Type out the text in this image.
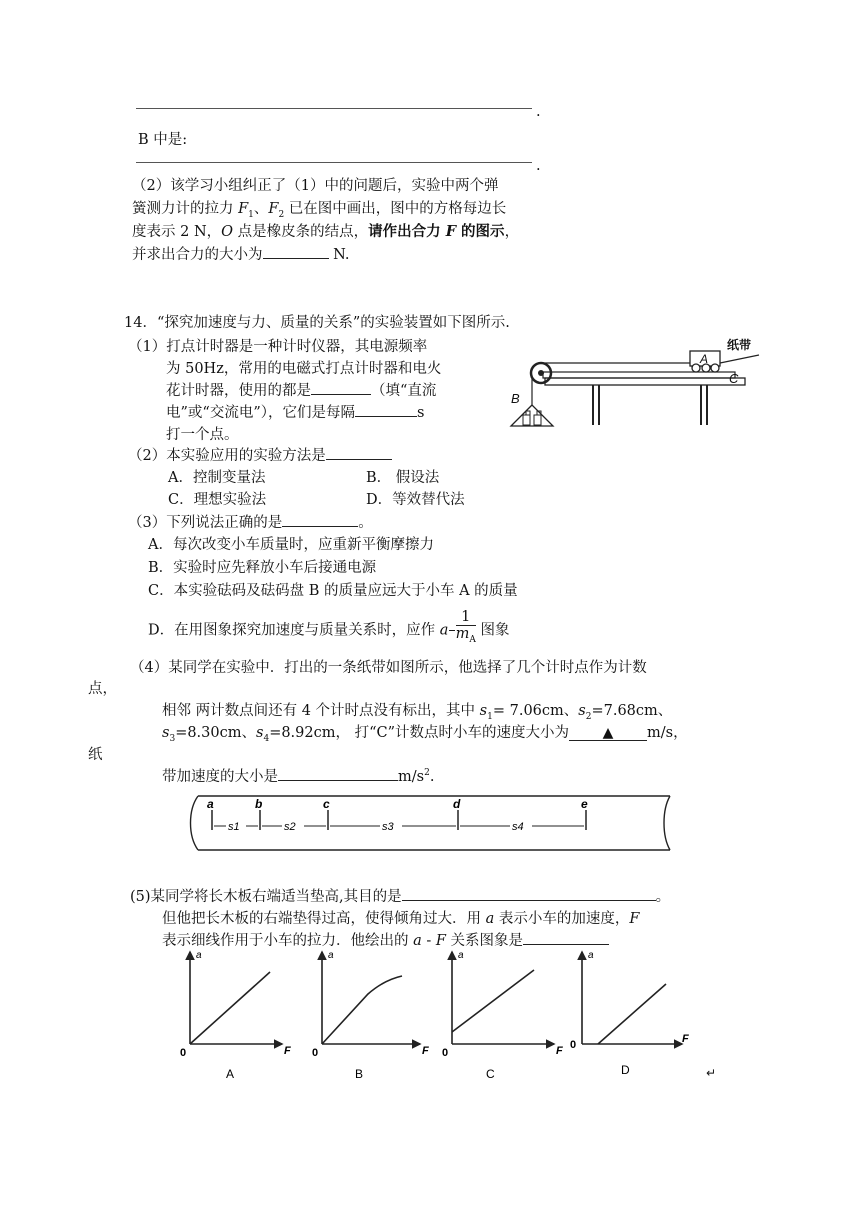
.
B 中是:
.
（2）该学习小组纠正了（1）中的问题后，实验中两个弹
簧测力计的拉力 $F_1$、$F_2$ 已在图中画出，图中的方格每边长
度表示 2 N，O 点是橡皮条的结点，请作出合力 F 的图示，
并求出合力的大小为	N.
14．“探究加速度与力、质量的关系”的实验装置如下图所示.
（1）打点计时器是一种计时仪器，其电源频率
为 50Hz，常用的电磁式打点计时器和电火
花计时器，使用的都是	（填“直流
电”或“交流电”），它们是每隔	s
打一个点。
B
A
纸带
C
（2）本实验应用的实验方法是
A．控制变量法	B． 假设法
C．理想实验法	D．等效替代法
（3）下列说法正确的是	。
A．每次改变小车质量时，应重新平衡摩擦力
B．实验时应先释放小车后接通电源
C．本实验砝码及砝码盘 B 的质量应远大于小车 A 的质量
D．在用图象探究加速度与质量关系时，应作 $a- \frac{1}{m_A}$ 图象
（4）某同学在实验中．打出的一条纸带如图所示，他选择了几个计时点作为计数
点，
相邻 两计数点间还有 4 个计时点没有标出，其中 $s_1= 7.06cm$、$s_2=7.68cm$、
$s_3=8.30cm$、$s_4=8.92cm$， 打“C”计数点时小车的速度大小为 ▲ m/s，
纸
带加速度的大小是	$m/s^2$.
a	b	c	d	e
s1	s2	s3	s4
(5)某同学将长木板右端适当垫高,其目的是	。
但他把长木板的右端垫得过高，使得倾角过大．用 a 表示小车的加速度，F
表示细线作用于小车的拉力．他绘出的 a - F 关系图象是
a
F
0
A
a
F
0
B
a
F
0
C
a
F
0
D	↵
